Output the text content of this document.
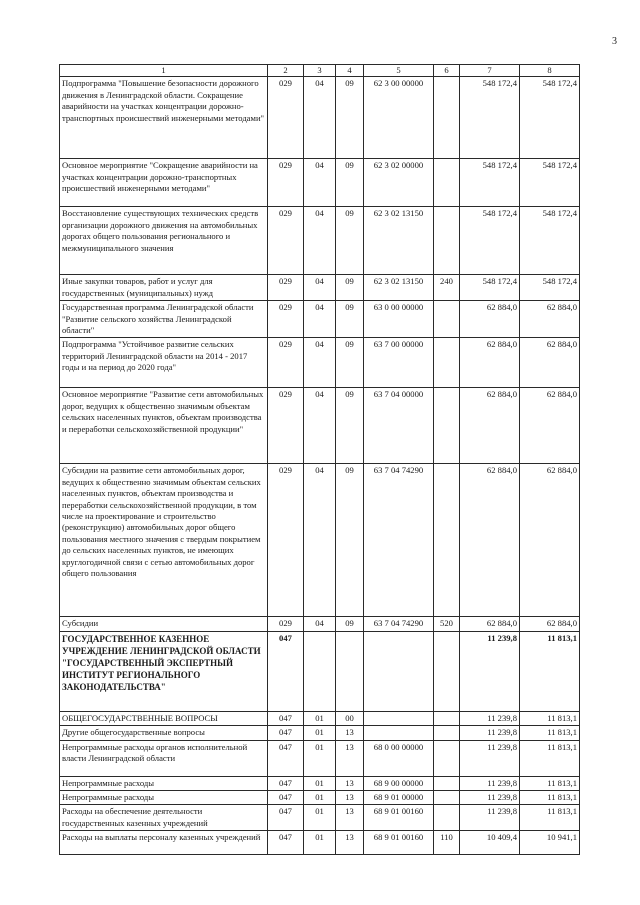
3
1	2	3	4	5	6	7	8
Подпрограмма "Повышение безопасности дорожного движения в Ленинградской области. Сокращение аварийности на участках концентрации дорожно-транспортных происшествий инженерными методами"	029	04	09	62 3 00 00000		548 172,4	548 172,4
Основное мероприятие "Сокращение аварийности на участках концентрации дорожно-транспортных происшествий инженерными методами"	029	04	09	62 3 02 00000		548 172,4	548 172,4
Восстановление существующих технических средств организации дорожного движения на автомобильных дорогах общего пользования регионального и межмуниципального значения	029	04	09	62 3 02 13150		548 172,4	548 172,4
Иные закупки товаров, работ и услуг для государственных (муниципальных) нужд	029	04	09	62 3 02 13150	240	548 172,4	548 172,4
Государственная программа Ленинградской области "Развитие сельского хозяйства Ленинградской области"	029	04	09	63 0 00 00000		62 884,0	62 884,0
Подпрограмма "Устойчивое развитие сельских территорий Ленинградской области на 2014 - 2017 годы и на период до 2020 года"	029	04	09	63 7 00 00000		62 884,0	62 884,0
Основное мероприятие "Развитие сети автомобильных дорог, ведущих к общественно значимым объектам сельских населенных пунктов, объектам производства и переработки сельскохозяйственной продукции"	029	04	09	63 7 04 00000		62 884,0	62 884,0
Субсидии на развитие сети автомобильных дорог, ведущих к общественно значимым объектам сельских населенных пунктов, объектам производства и переработки сельскохозяйственной продукции, в том числе на проектирование и строительство (реконструкцию) автомобильных дорог общего пользования местного значения с твердым покрытием до сельских населенных пунктов, не имеющих круглогодичной связи с сетью автомобильных дорог общего пользования	029	04	09	63 7 04 74290		62 884,0	62 884,0
Субсидии	029	04	09	63 7 04 74290	520	62 884,0	62 884,0
ГОСУДАРСТВЕННОЕ КАЗЕННОЕ УЧРЕЖДЕНИЕ ЛЕНИНГРАДСКОЙ ОБЛАСТИ "ГОСУДАРСТВЕННЫЙ ЭКСПЕРТНЫЙ ИНСТИТУТ РЕГИОНАЛЬНОГО ЗАКОНОДАТЕЛЬСТВА"	047					11 239,8	11 813,1
ОБЩЕГОСУДАРСТВЕННЫЕ ВОПРОСЫ	047	01	00			11 239,8	11 813,1
Другие общегосударственные вопросы	047	01	13			11 239,8	11 813,1
Непрограммные расходы органов исполнительной власти Ленинградской области	047	01	13	68 0 00 00000		11 239,8	11 813,1
Непрограммные расходы	047	01	13	68 9 00 00000		11 239,8	11 813,1
Непрограммные расходы	047	01	13	68 9 01 00000		11 239,8	11 813,1
Расходы на обеспечение деятельности государственных казенных учреждений	047	01	13	68 9 01 00160		11 239,8	11 813,1
Расходы на выплаты персоналу казенных учреждений	047	01	13	68 9 01 00160	110	10 409,4	10 941,1
